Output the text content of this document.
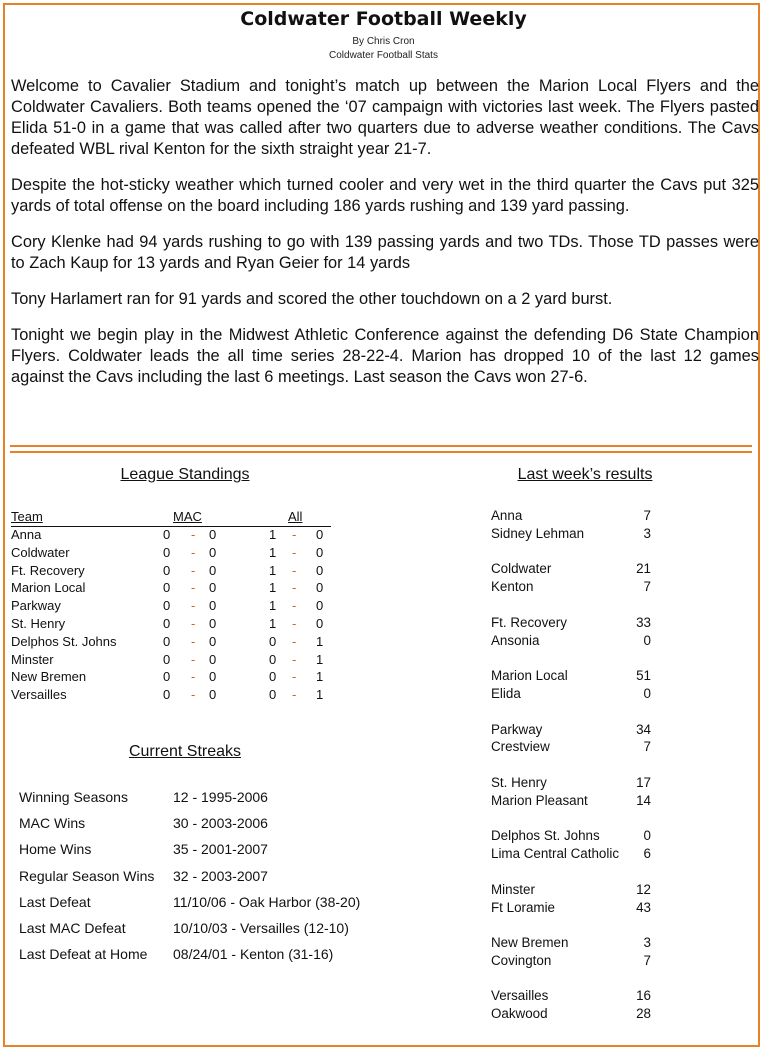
Coldwater Football Weekly
By Chris Cron
Coldwater Football Stats

Welcome to Cavalier Stadium and tonight’s match up between the Marion Local Flyers and the Coldwater Cavaliers. Both teams opened the ‘07 campaign with victories last week. The Flyers pasted Elida 51-0 in a game that was called after two quarters due to adverse weather conditions. The Cavs defeated WBL rival Kenton for the sixth straight year 21-7.

Despite the hot-sticky weather which turned cooler and very wet in the third quarter the Cavs put 325 yards of total offense on the board including 186 yards rushing and 139 yard passing.

Cory Klenke had 94 yards rushing to go with 139 passing yards and two TDs. Those TD passes were to Zach Kaup for 13 yards and Ryan Geier for 14 yards

Tony Harlamert ran for 91 yards and scored the other touchdown on a 2 yard burst.

Tonight we begin play in the Midwest Athletic Conference against the defending D6 State Champion Flyers. Coldwater leads the all time series 28-22-4. Marion has dropped 10 of the last 12 games against the Cavs including the last 6 meetings. Last season the Cavs won 27-6.

League Standings
Current Streaks
Last week’s results
Team	MAC	All
Anna	0 - 0	1 - 0
Coldwater	0 - 0	1 - 0
Ft. Recovery	0 - 0	1 - 0
Marion Local	0 - 0	1 - 0
Parkway	0 - 0	1 - 0
St. Henry	0 - 0	1 - 0
Delphos St. Johns	0 - 0	0 - 1
Minster	0 - 0	0 - 1
New Bremen	0 - 0	0 - 1
Versailles	0 - 0	0 - 1
Winning Seasons	12 - 1995-2006
MAC Wins	30 - 2003-2006
Home Wins	35 - 2001-2007
Regular Season Wins 32 - 2003-2007
Last Defeat	11/10/06 - Oak Harbor (38-20)
Last MAC Defeat	10/10/03 - Versailles (12-10)
Last Defeat at Home 08/24/01 - Kenton (31-16)
Anna	7
Sidney Lehman	3
Coldwater	21
Kenton	7
Ft. Recovery	33
Ansonia	0
Marion Local	51
Elida	0
Parkway	34
Crestview	7
St. Henry	17
Marion Pleasant	14
Delphos St. Johns	0
Lima Central Catholic 6
Minster	12
Ft Loramie	43
New Bremen	3
Covington	7
Versailles	16
Oakwood	28
